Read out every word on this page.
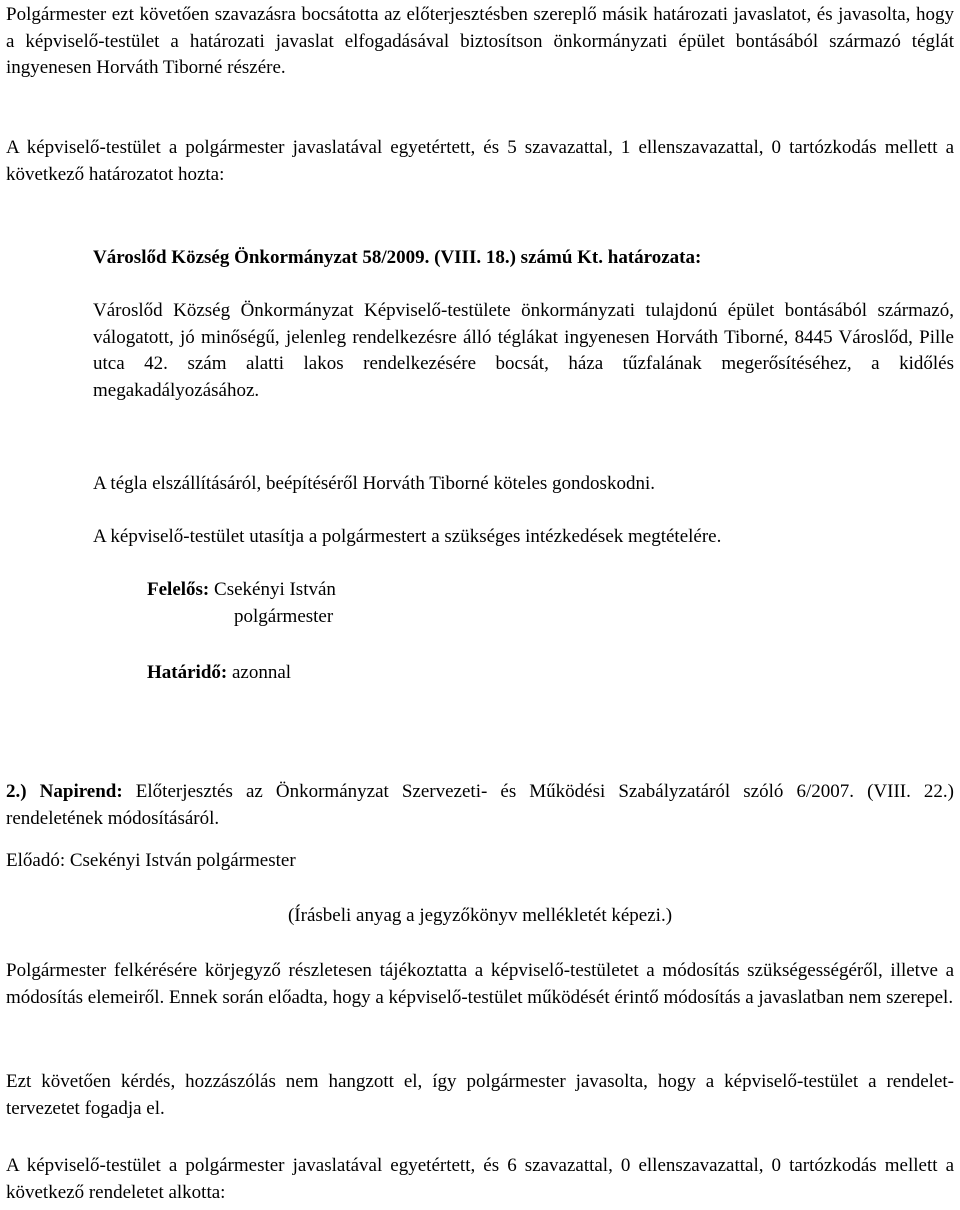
Polgármester ezt követően szavazásra bocsátotta az előterjesztésben szereplő másik határozati javaslatot, és javasolta, hogy a képviselő-testület a határozati javaslat elfogadásával biztosítson önkormányzati épület bontásából származó téglát ingyenesen Horváth Tiborné részére.

A képviselő-testület a polgármester javaslatával egyetértett, és 5 szavazattal, 1 ellenszavazattal, 0 tartózkodás mellett a következő határozatot hozta:

Városlőd Község Önkormányzat 58/2009. (VIII. 18.) számú Kt. határozata:

Városlőd Község Önkormányzat Képviselő-testülete önkormányzati tulajdonú épület bontásából származó, válogatott, jó minőségű, jelenleg rendelkezésre álló téglákat ingyenesen Horváth Tiborné, 8445 Városlőd, Pille utca 42. szám alatti lakos rendelkezésére bocsát, háza tűzfalának megerősítéséhez, a kidőlés megakadályozásához.

A tégla elszállításáról, beépítéséről Horváth Tiborné köteles gondoskodni.

A képviselő-testület utasítja a polgármestert a szükséges intézkedések megtételére.

Felelős: Csekényi István

polgármester

Határidő: azonnal

2.) Napirend: Előterjesztés az Önkormányzat Szervezeti- és Működési Szabályzatáról szóló 6/2007. (VIII. 22.) rendeletének módosításáról.

Előadó: Csekényi István polgármester

(Írásbeli anyag a jegyzőkönyv mellékletét képezi.)

Polgármester felkérésére körjegyző részletesen tájékoztatta a képviselő-testületet a módosítás szükségességéről, illetve a módosítás elemeiről. Ennek során előadta, hogy a képviselő-testület működését érintő módosítás a javaslatban nem szerepel.

Ezt követően kérdés, hozzászólás nem hangzott el, így polgármester javasolta, hogy a képviselő-testület a rendelet-tervezetet fogadja el.

A képviselő-testület a polgármester javaslatával egyetértett, és 6 szavazattal, 0 ellenszavazattal, 0 tartózkodás mellett a következő rendeletet alkotta:
